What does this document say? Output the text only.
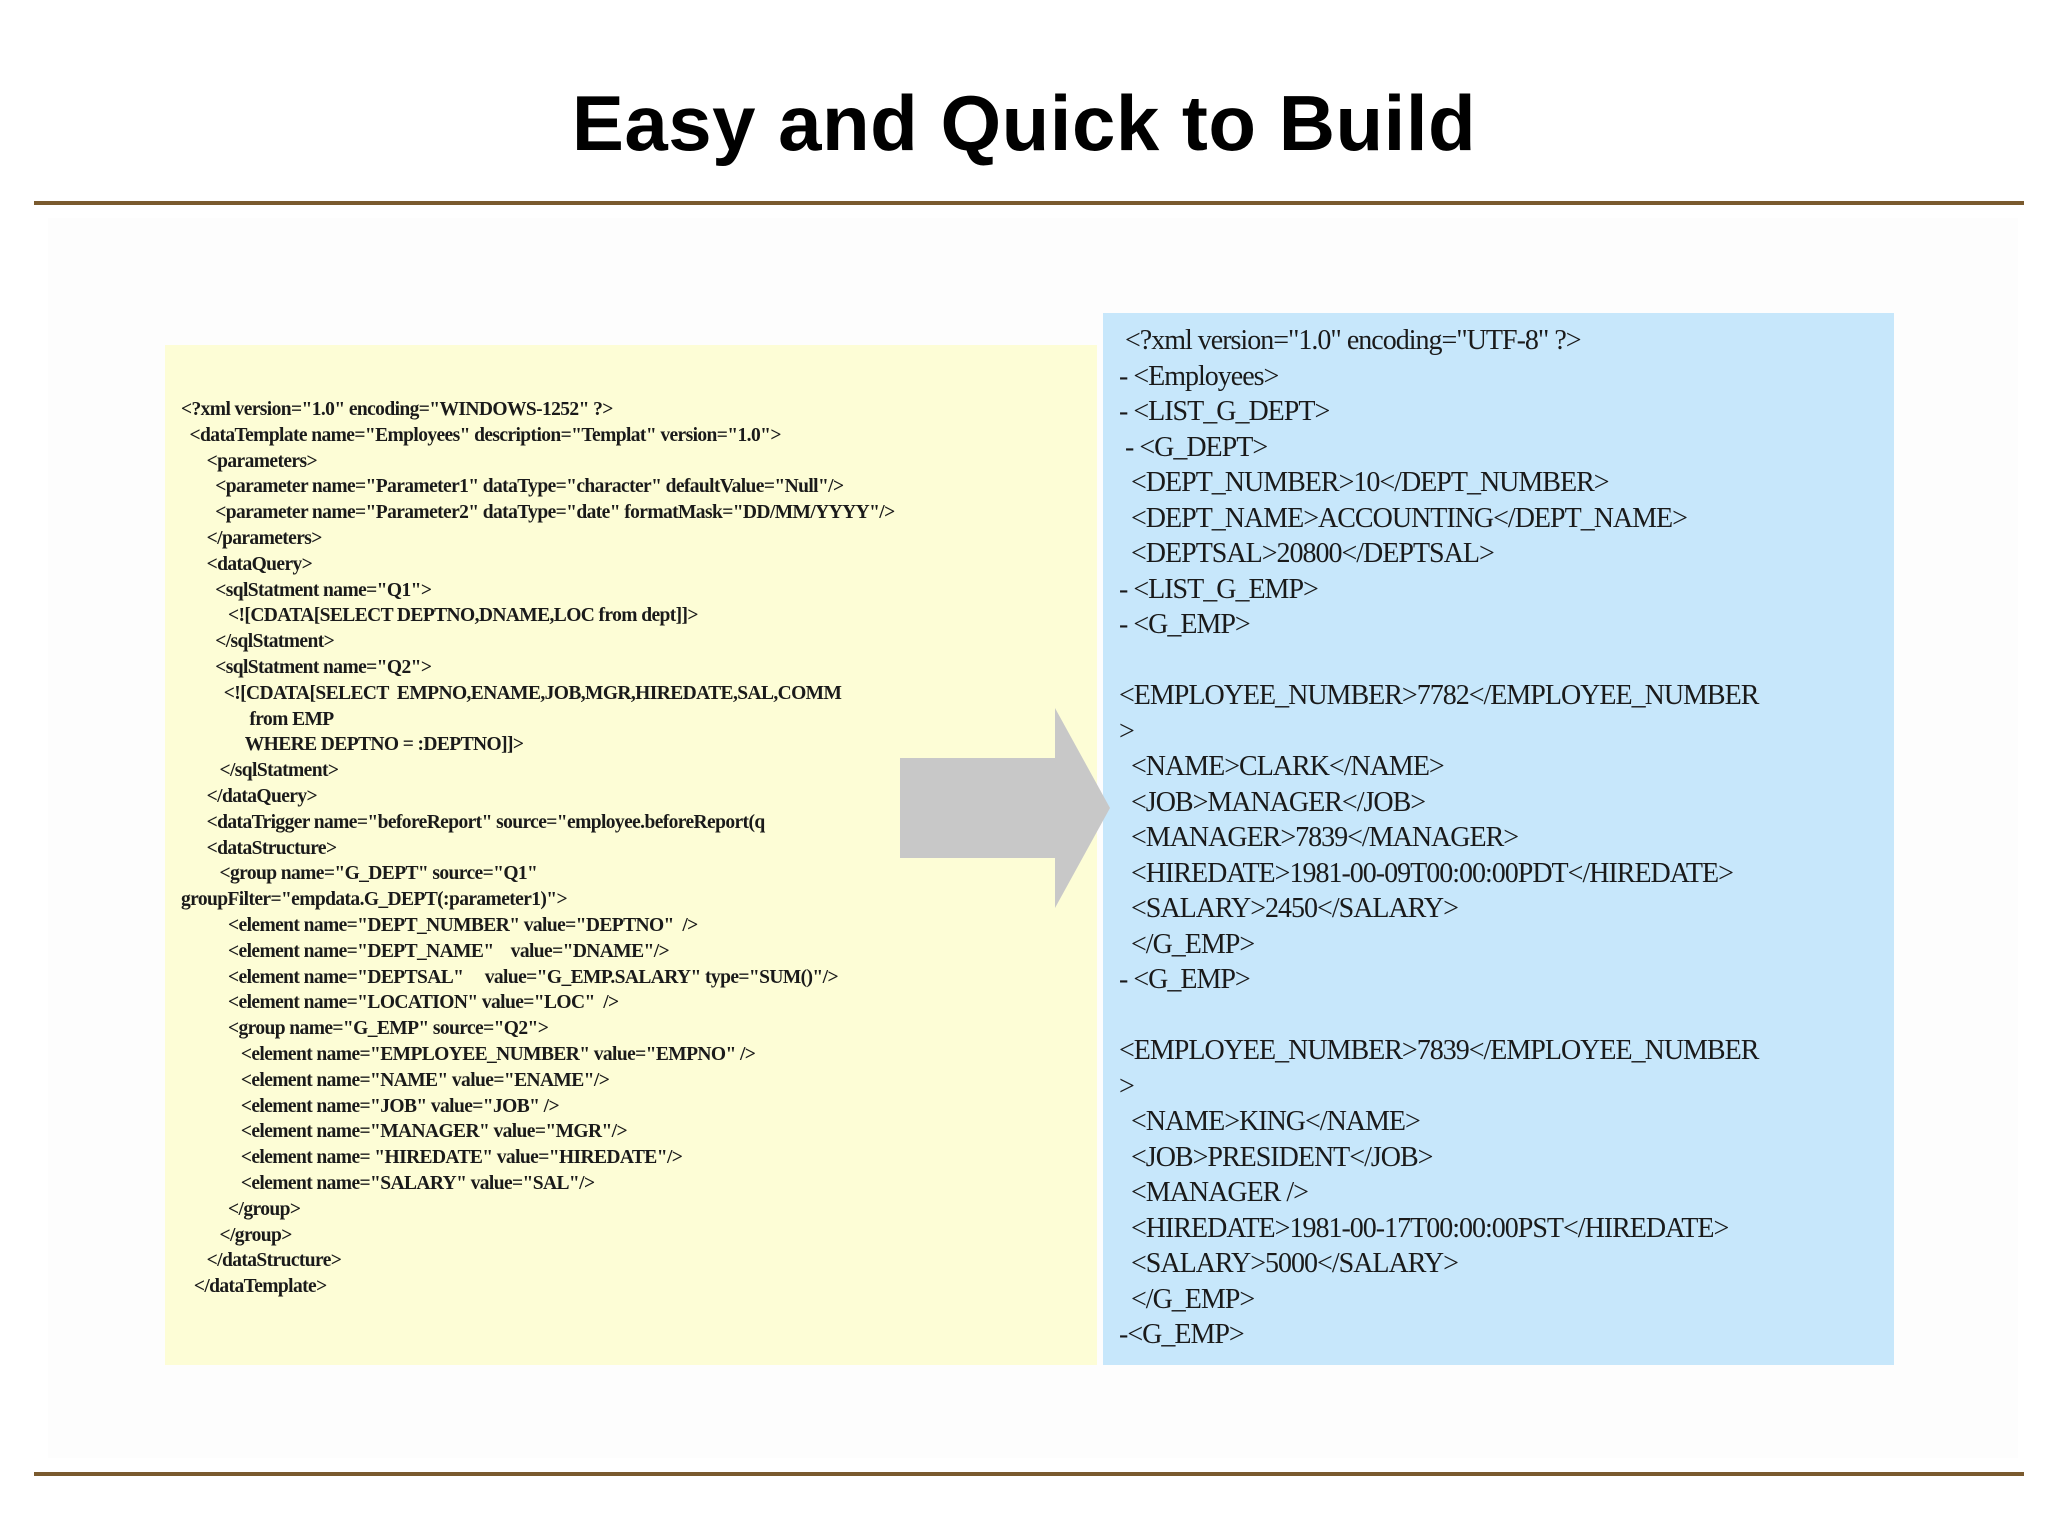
Easy and Quick to Build
<?xml version="1.0" encoding="WINDOWS-1252" ?>
<dataTemplate name="Employees" description="Templat" version="1.0">
<parameters>
<parameter name="Parameter1" dataType="character" defaultValue="Null"/>
<parameter name="Parameter2" dataType="date" formatMask="DD/MM/YYYY"/>
</parameters>
<dataQuery>
<sqlStatment name="Q1">
<![CDATA[SELECT DEPTNO,DNAME,LOC from dept]]>
</sqlStatment>
<sqlStatment name="Q2">
<![CDATA[SELECT  EMPNO,ENAME,JOB,MGR,HIREDATE,SAL,COMM
from EMP
WHERE DEPTNO = :DEPTNO]]>
</sqlStatment>
</dataQuery>
<dataTrigger name="beforeReport" source="employee.beforeReport(q
<dataStructure>
<group name="G_DEPT" source="Q1"
groupFilter="empdata.G_DEPT(:parameter1)">
<element name="DEPT_NUMBER" value="DEPTNO"  />
<element name="DEPT_NAME"    value="DNAME"/>
<element name="DEPTSAL"     value="G_EMP.SALARY" type="SUM()"/>
<element name="LOCATION" value="LOC"  />
<group name="G_EMP" source="Q2">
<element name="EMPLOYEE_NUMBER" value="EMPNO" />
<element name="NAME" value="ENAME"/>
<element name="JOB" value="JOB" />
<element name="MANAGER" value="MGR"/>
<element name= "HIREDATE" value="HIREDATE"/>
<element name="SALARY" value="SAL"/>
</group>
</group>
</dataStructure>
</dataTemplate>
<?xml version="1.0" encoding="UTF-8" ?>
- <Employees>
- <LIST_G_DEPT>
- <G_DEPT>
<DEPT_NUMBER>10</DEPT_NUMBER>
<DEPT_NAME>ACCOUNTING</DEPT_NAME>
<DEPTSAL>20800</DEPTSAL>
- <LIST_G_EMP>
- <G_EMP>
<EMPLOYEE_NUMBER>7782</EMPLOYEE_NUMBER
>
<NAME>CLARK</NAME>
<JOB>MANAGER</JOB>
<MANAGER>7839</MANAGER>
<HIREDATE>1981-00-09T00:00:00PDT</HIREDATE>
<SALARY>2450</SALARY>
</G_EMP>
- <G_EMP>
<EMPLOYEE_NUMBER>7839</EMPLOYEE_NUMBER
>
<NAME>KING</NAME>
<JOB>PRESIDENT</JOB>
<MANAGER />
<HIREDATE>1981-00-17T00:00:00PST</HIREDATE>
<SALARY>5000</SALARY>
</G_EMP>
-<G_EMP>
